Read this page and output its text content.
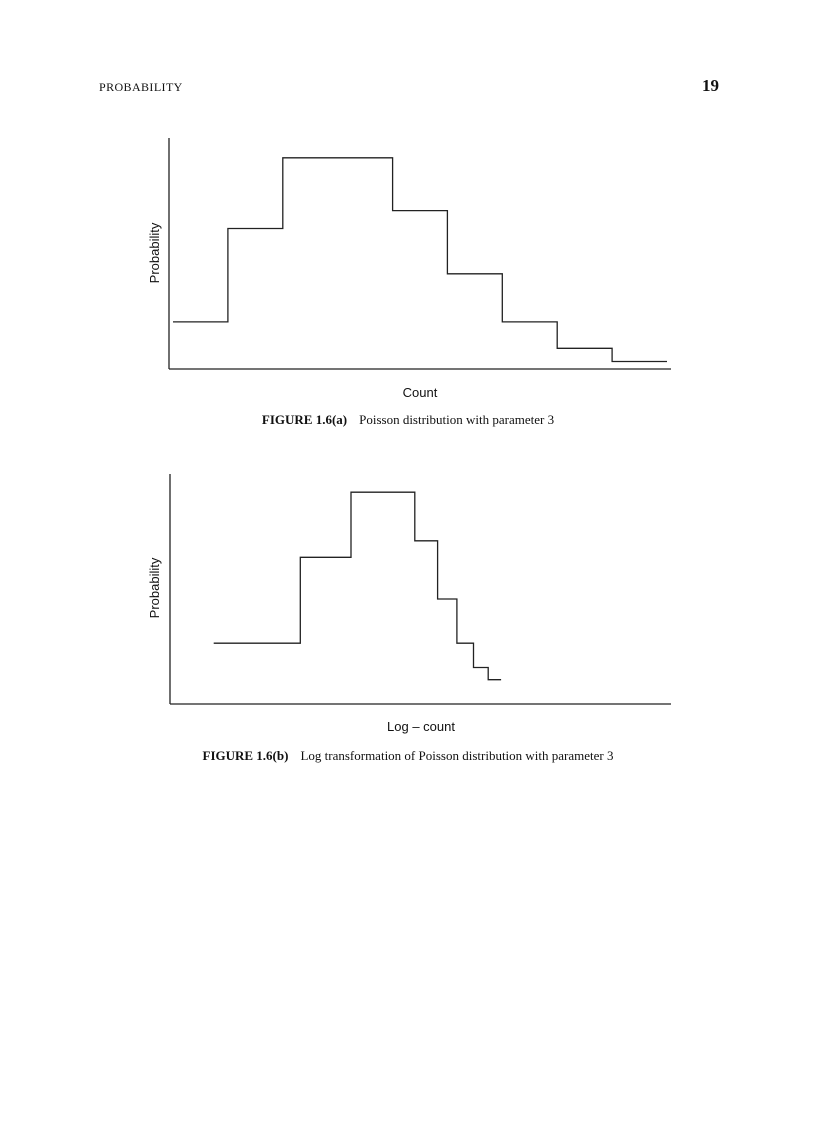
PROBABILITY	19
Count
Probability
FIGURE 1.6(a) Poisson distribution with parameter 3
Log – count
Probability
FIGURE 1.6(b) Log transformation of Poisson distribution with parameter 3
